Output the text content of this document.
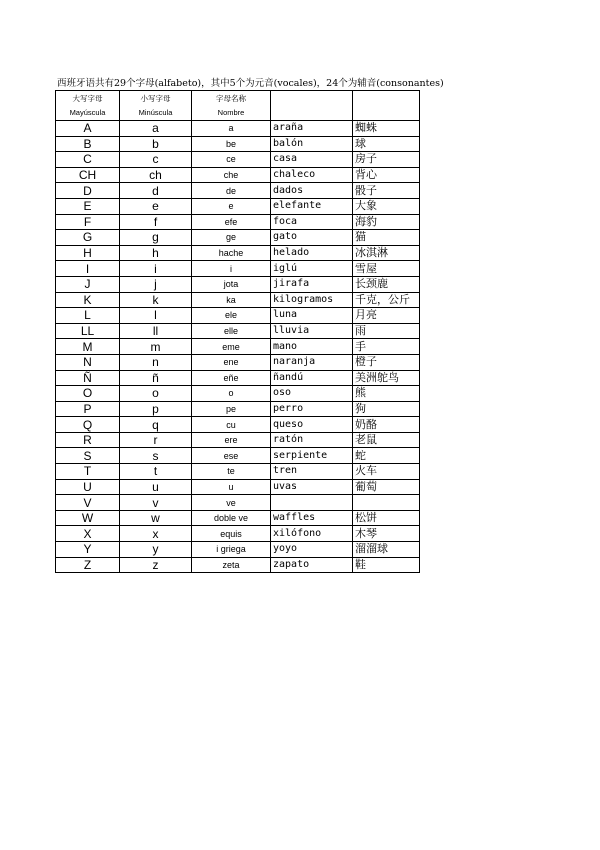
西班牙语共有29个字母(alfabeto)，其中5个为元音(vocales)，24个为辅音(consonantes)
大写字母	小写字母	字母名称		
Mayúscula	Minúscula	Nombre		
A	a	a	araña	蜘蛛
B	b	be	balón	球
C	c	ce	casa	房子
CH	ch	che	chaleco	背心
D	d	de	dados	骰子
E	e	e	elefante	大象
F	f	efe	foca	海豹
G	g	ge	gato	猫
H	h	hache	helado	冰淇淋
I	i	i	iglú	雪屋
J	j	jota	jirafa	长颈鹿
K	k	ka	kilogramos	千克，公斤
L	l	ele	luna	月亮
LL	ll	elle	lluvia	雨
M	m	eme	mano	手
N	n	ene	naranja	橙子
Ñ	ñ	eñe	ñandú	美洲鸵鸟
O	o	o	oso	熊
P	p	pe	perro	狗
Q	q	cu	queso	奶酪
R	r	ere	ratón	老鼠
S	s	ese	serpiente	蛇
T	t	te	tren	火车
U	u	u	uvas	葡萄
V	v	ve		
W	w	doble ve	waffles	松饼
X	x	equis	xilófono	木琴
Y	y	i griega	yoyo	溜溜球
Z	z	zeta	zapato	鞋
